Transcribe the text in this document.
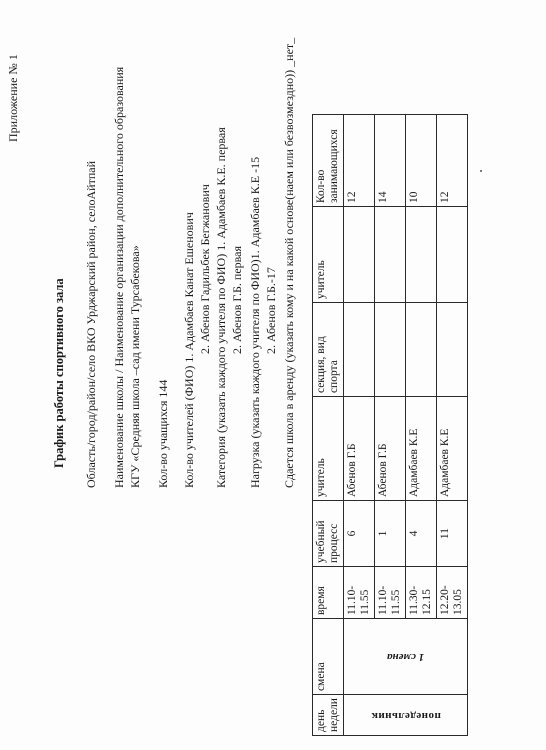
Приложение № 1
График работы спортивного зала Область/город/район/село ВКО Урджарский район, селоАйтпай Наименование школы / Наименование организации дополнительного образования КГУ «Средняя школа –сад имени Турсабекова» Кол-во учащихся 144 Кол-во учителей (ФИО) 1. Адамбаев Канат Ешенович 2. Абенов Гадильбек Бегжанович Категория (указать каждого учителя по ФИО) 1. Адамбаев К.Е. первая 2. Абенов Г.Б. первая Нагрузка (указать каждого учителя по ФИО)1. Адамбаев К.Е -15 2. Абенов Г.Б.-17 Сдается школа в аренду (указать кому и на какой основе(наем или безвозмездно)) _нет_
день недели	смена	время	учебный процесс	учитель	секция, вид спорта	учитель	Кол-во занимающихся

понедельник	1 смена	11.10-11.55	6	Абенов Г.Б			12
		11.10-11.55	1	Абенов Г.Б			14
		11.30-12.15	4	Адамбаев К.Е			10
		12.20-13.05	11	Адамбаев К.Е			12
